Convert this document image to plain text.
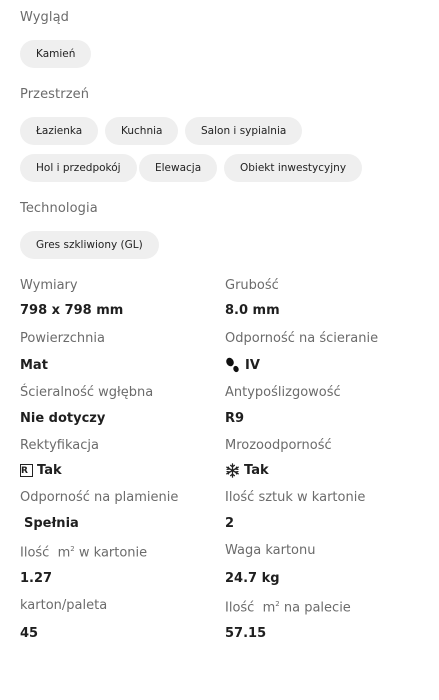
Wygląd
Kamień
Przestrzeń
Łazienka	Kuchnia	Salon i sypialnia
Hol i przedpokój	Elewacja	Obiekt inwestycyjny
Technologia
Gres szkliwiony (GL)
Wymiary
798 x 798 mm
Grubość
8.0 mm
Powierzchnia
Mat
Odporność na ścieranie
IV
Ścieralność wgłębna
Nie dotyczy
Antypoślizgowość
R9
Rektyfikacja
R Tak
Mrozoodporność
Tak
Odporność na plamienie
Spełnia
Ilość sztuk w kartonie
2
Ilość $m^2$ w kartonie
1.27
Waga kartonu
24.7 kg
karton/paleta
45
Ilość $m^2$ na palecie
57.15
